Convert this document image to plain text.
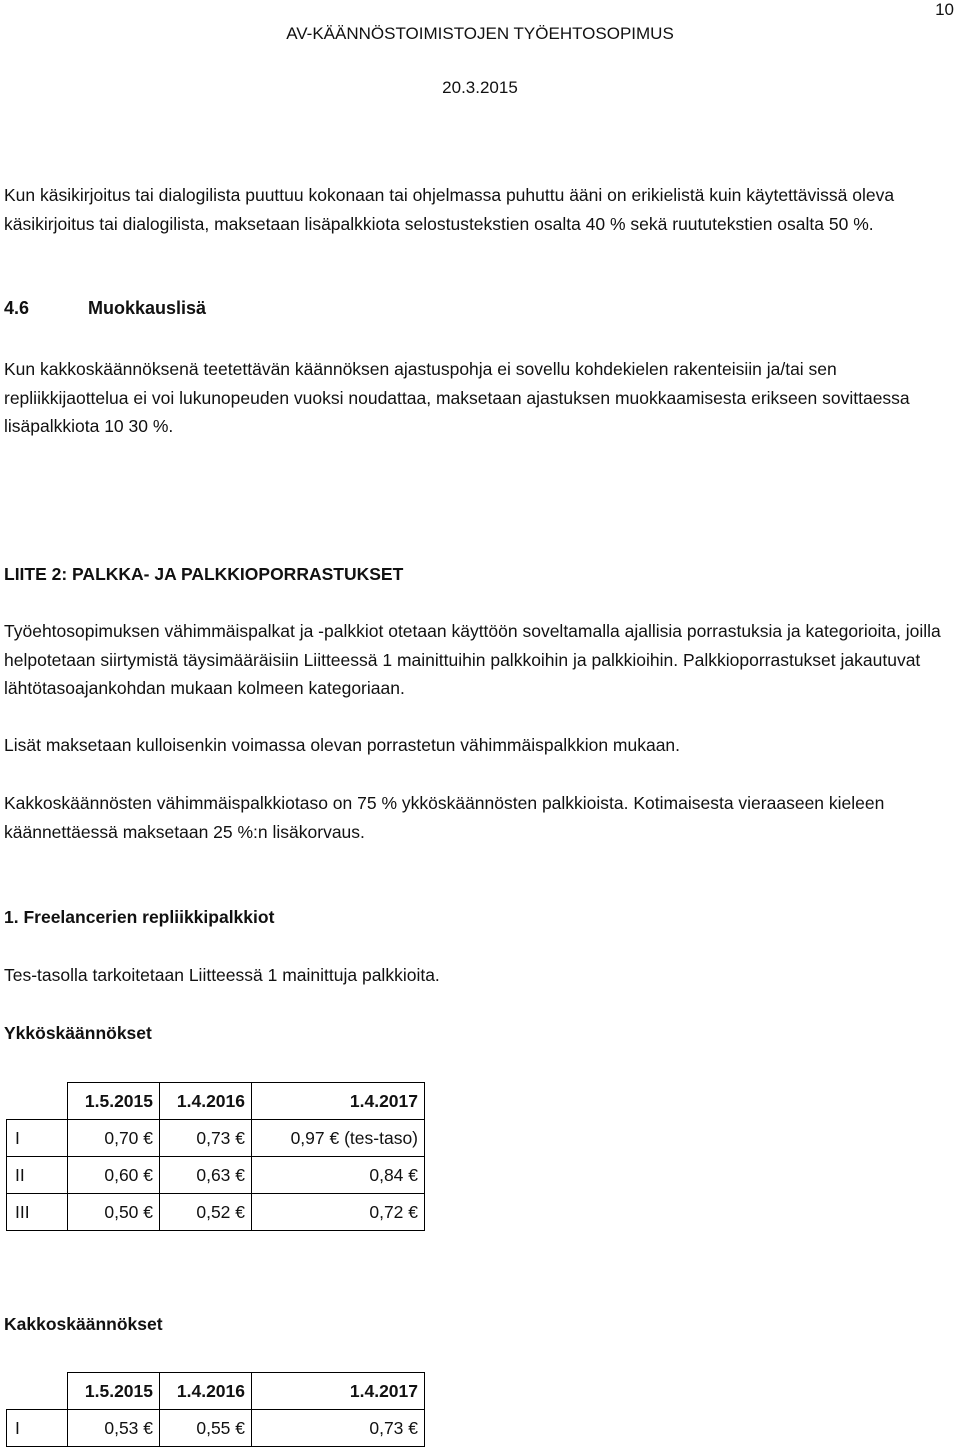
10
AV-KÄÄNNÖSTOIMISTOJEN TYÖEHTOSOPIMUS
20.3.2015

Kun käsikirjoitus tai dialogilista puuttuu kokonaan tai ohjelmassa puhuttu ääni on erikielistä kuin käytettävissä oleva käsikirjoitus tai dialogilista, maksetaan lisäpalkkiota selostustekstien osalta 40 % sekä ruututekstien osalta 50 %.

4.6	Muokkauslisä

Kun kakkoskäännöksenä teetettävän käännöksen ajastuspohja ei sovellu kohdekielen rakenteisiin ja/tai sen repliikkijaottelua ei voi lukunopeuden vuoksi noudattaa, maksetaan ajastuksen muokkaamisesta erikseen sovittaessa lisäpalkkiota 10 30 %.

LIITE 2: PALKKA- JA PALKKIOPORRASTUKSET

Työehtosopimuksen vähimmäispalkat ja -palkkiot otetaan käyttöön soveltamalla ajallisia porrastuksia ja kategorioita, joilla helpotetaan siirtymistä täysimääräisiin Liitteessä 1 mainittuihin palkkoihin ja palkkioihin. Palkkioporrastukset jakautuvat lähtötasoajankohdan mukaan kolmeen kategoriaan.

Lisät maksetaan kulloisenkin voimassa olevan porrastetun vähimmäispalkkion mukaan.

Kakkoskäännösten vähimmäispalkkiotaso on 75 % ykköskäännösten palkkioista. Kotimaisesta vieraaseen kieleen käännettäessä maksetaan 25 %:n lisäkorvaus.

1. Freelancerien repliikkipalkkiot

Tes-tasolla tarkoitetaan Liitteessä 1 mainittuja palkkioita.

Ykköskäännökset
	1.5.2015	1.4.2016	1.4.2017
I	0,70 €	0,73 €	0,97 € (tes-taso)
II	0,60 €	0,63 €	0,84 €
III	0,50 €	0,52 €	0,72 €
Kakkoskäännökset
	1.5.2015	1.4.2016	1.4.2017
I	0,53 €	0,55 €	0,73 €
